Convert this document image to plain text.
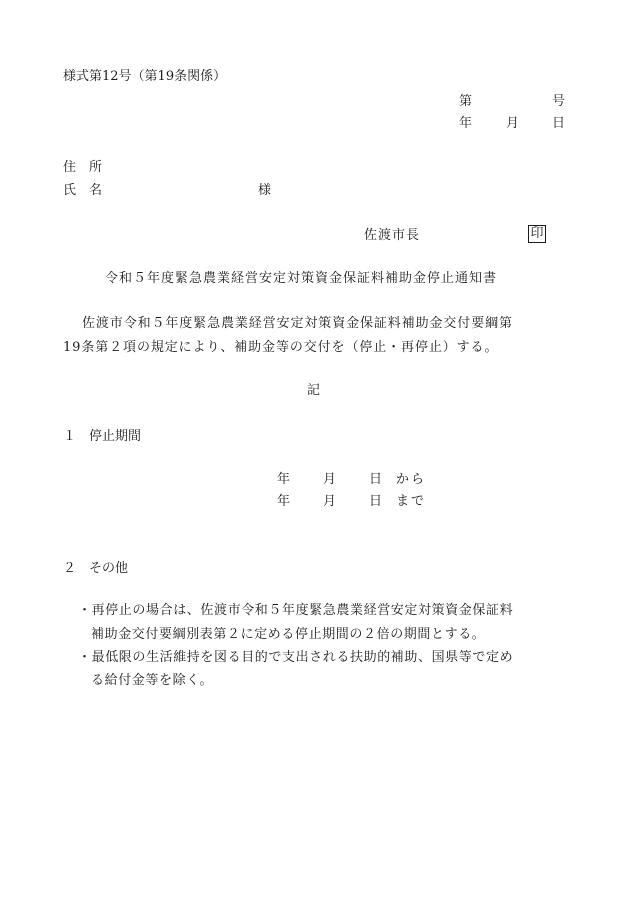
様式第12号（第19条関係）
第	号
年	月	日
住　所
氏　名	様
佐渡市長	印
令和５年度緊急農業経営安定対策資金保証料補助金停止通知書
佐渡市令和５年度緊急農業経営安定対策資金保証料補助金交付要綱第
19条第２項の規定により、補助金等の交付を（停止・再停止）する。
記
１　停止期間
年	月	日 から
年	月	日 まで
２　その他
・再停止の場合は、佐渡市令和５年度緊急農業経営安定対策資金保証料
補助金交付要綱別表第２に定める停止期間の２倍の期間とする。
・最低限の生活維持を図る目的で支出される扶助的補助、国県等で定め
る給付金等を除く。
